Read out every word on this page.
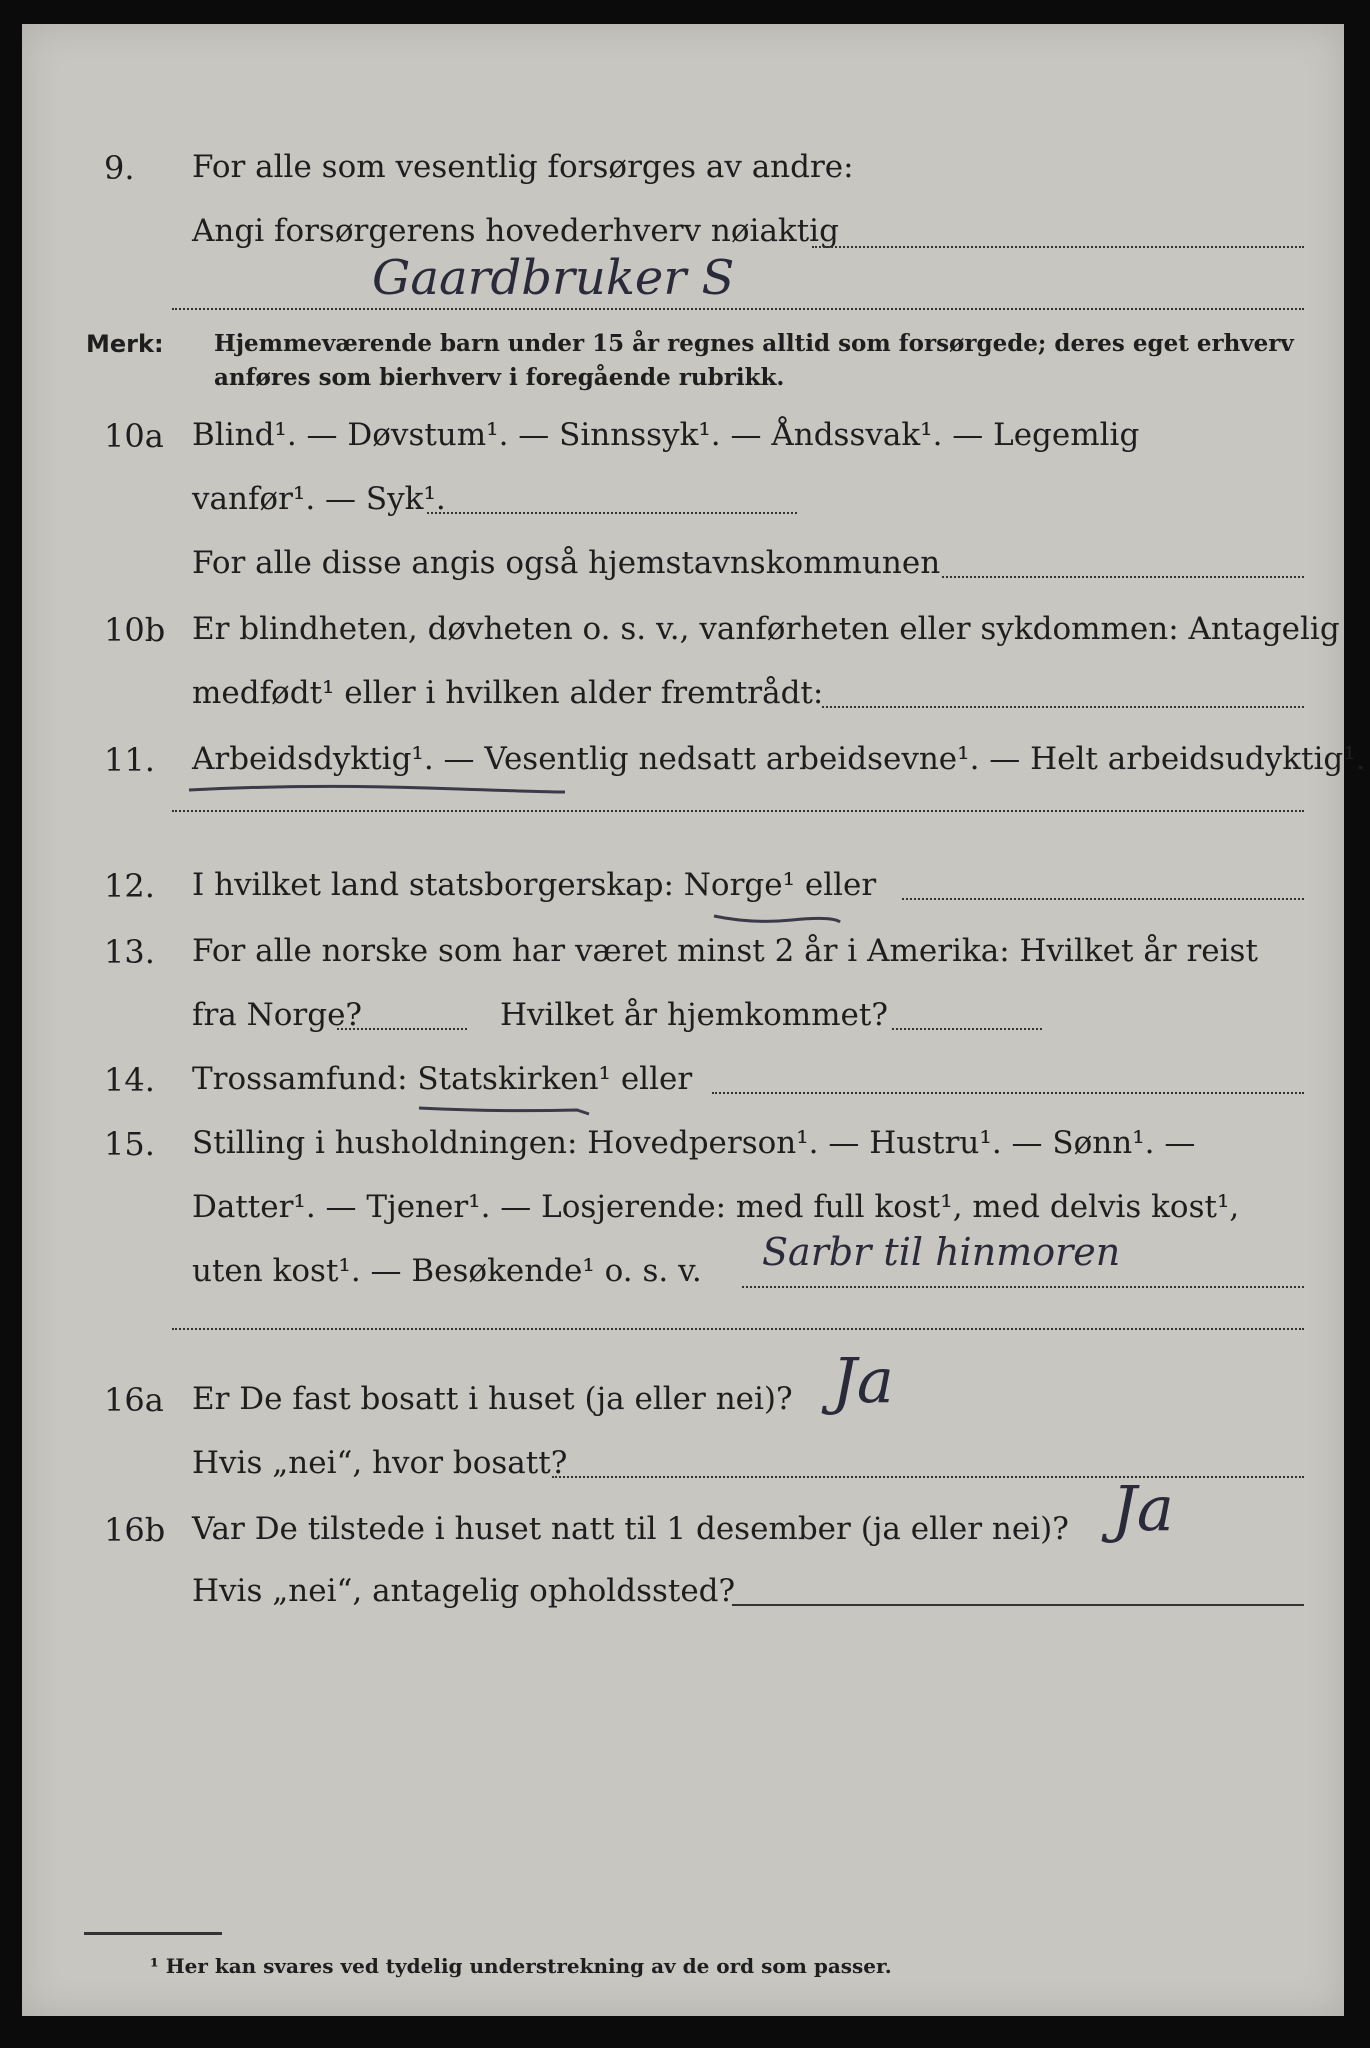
9. For alle som vesentlig forsørges av andre:
Angi forsørgerens hovederhverv nøiaktig
Gaardbruker S
Merk: Hjemmeværende barn under 15 år regnes alltid som forsørgede; deres eget erhverv
anføres som bierhverv i foregående rubrikk.
10a Blind¹. — Døvstum¹. — Sinnssyk¹. — Åndssvak¹. — Legemlig
vanfør¹. — Syk¹.
For alle disse angis også hjemstavnskommunen
10b Er blindheten, døvheten o. s. v., vanførheten eller sykdommen: Antagelig
medfødt¹ eller i hvilken alder fremtrådt:
11. Arbeidsdyktig¹. — Vesentlig nedsatt arbeidsevne¹. — Helt arbeidsudyktig¹.
12. I hvilket land statsborgerskap: Norge¹ eller
13. For alle norske som har været minst 2 år i Amerika: Hvilket år reist
fra Norge?	Hvilket år hjemkommet?
14. Trossamfund: Statskirken¹ eller
15. Stilling i husholdningen: Hovedperson¹. — Hustru¹. — Sønn¹. —
Datter¹. — Tjener¹. — Losjerende: med full kost¹, med delvis kost¹,
uten kost¹. — Besøkende¹ o. s. v. Sarbr til hinmoren
16a Er De fast bosatt i huset (ja eller nei)? Ja
Hvis „nei“, hvor bosatt?
16b Var De tilstede i huset natt til 1 desember (ja eller nei)? Ja
Hvis „nei“, antagelig opholdssted?
¹ Her kan svares ved tydelig understrekning av de ord som passer.
